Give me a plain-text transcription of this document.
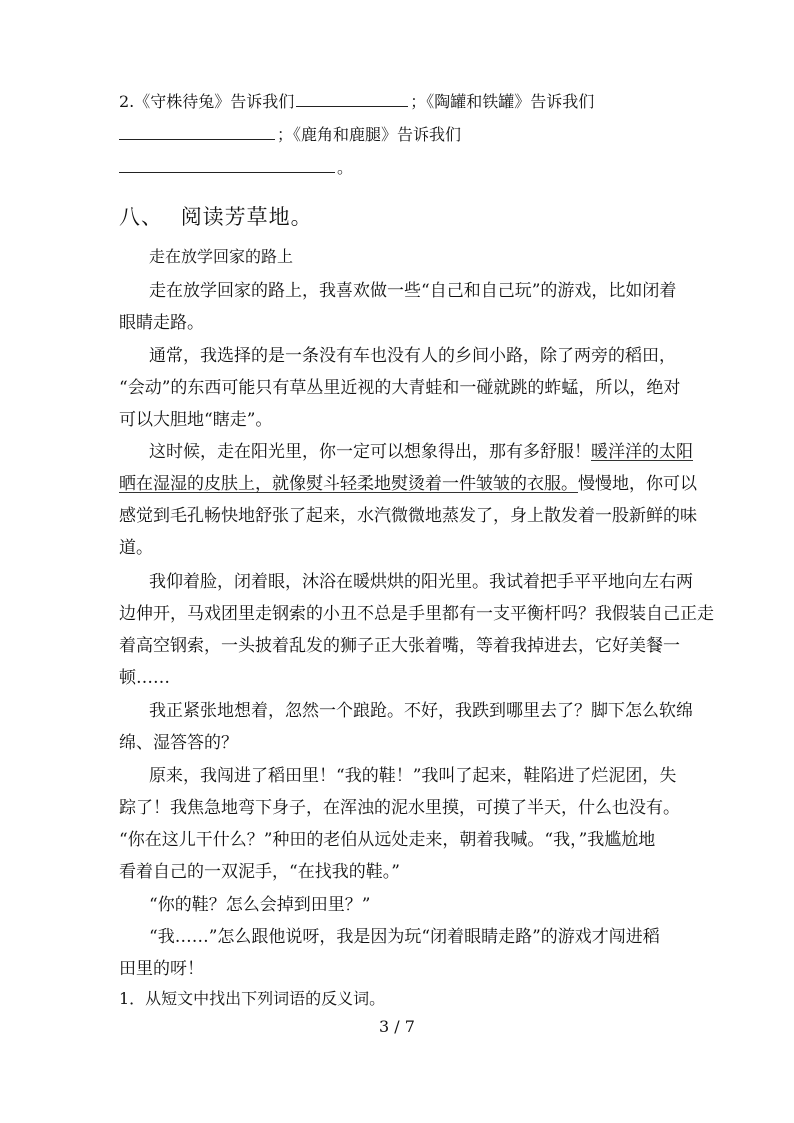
2.《守株待兔》告诉我们	；《陶罐和铁罐》告诉我们
；《鹿角和鹿腿》告诉我们
。
八、 阅读芳草地。
走在放学回家的路上
走在放学回家的路上，我喜欢做一些“自己和自己玩”的游戏，比如闭着
眼睛走路。
通常，我选择的是一条没有车也没有人的乡间小路，除了两旁的稻田，
“会动”的东西可能只有草丛里近视的大青蛙和一碰就跳的蚱蜢，所以，绝对
可以大胆地“瞎走”。
这时候，走在阳光里，你一定可以想象得出，那有多舒服！暖洋洋的太阳
晒在湿湿的皮肤上，就像熨斗轻柔地熨烫着一件皱皱的衣服。慢慢地，你可以
感觉到毛孔畅快地舒张了起来，水汽微微地蒸发了，身上散发着一股新鲜的味
道。
我仰着脸，闭着眼，沐浴在暖烘烘的阳光里。我试着把手平平地向左右两
边伸开，马戏团里走钢索的小丑不总是手里都有一支平衡杆吗？我假装自己正走
着高空钢索，一头披着乱发的狮子正大张着嘴，等着我掉进去，它好美餐一
顿……
我正紧张地想着，忽然一个踉跄。不好，我跌到哪里去了？脚下怎么软绵
绵、湿答答的？
原来，我闯进了稻田里！“我的鞋！”我叫了起来，鞋陷进了烂泥团，失
踪了！我焦急地弯下身子，在浑浊的泥水里摸，可摸了半天，什么也没有。
“你在这儿干什么？”种田的老伯从远处走来，朝着我喊。“我，”我尴尬地
看着自己的一双泥手，“在找我的鞋。”
“你的鞋？怎么会掉到田里？”
“我……”怎么跟他说呀，我是因为玩“闭着眼睛走路”的游戏才闯进稻
田里的呀！
1．从短文中找出下列词语的反义词。
3 / 7
